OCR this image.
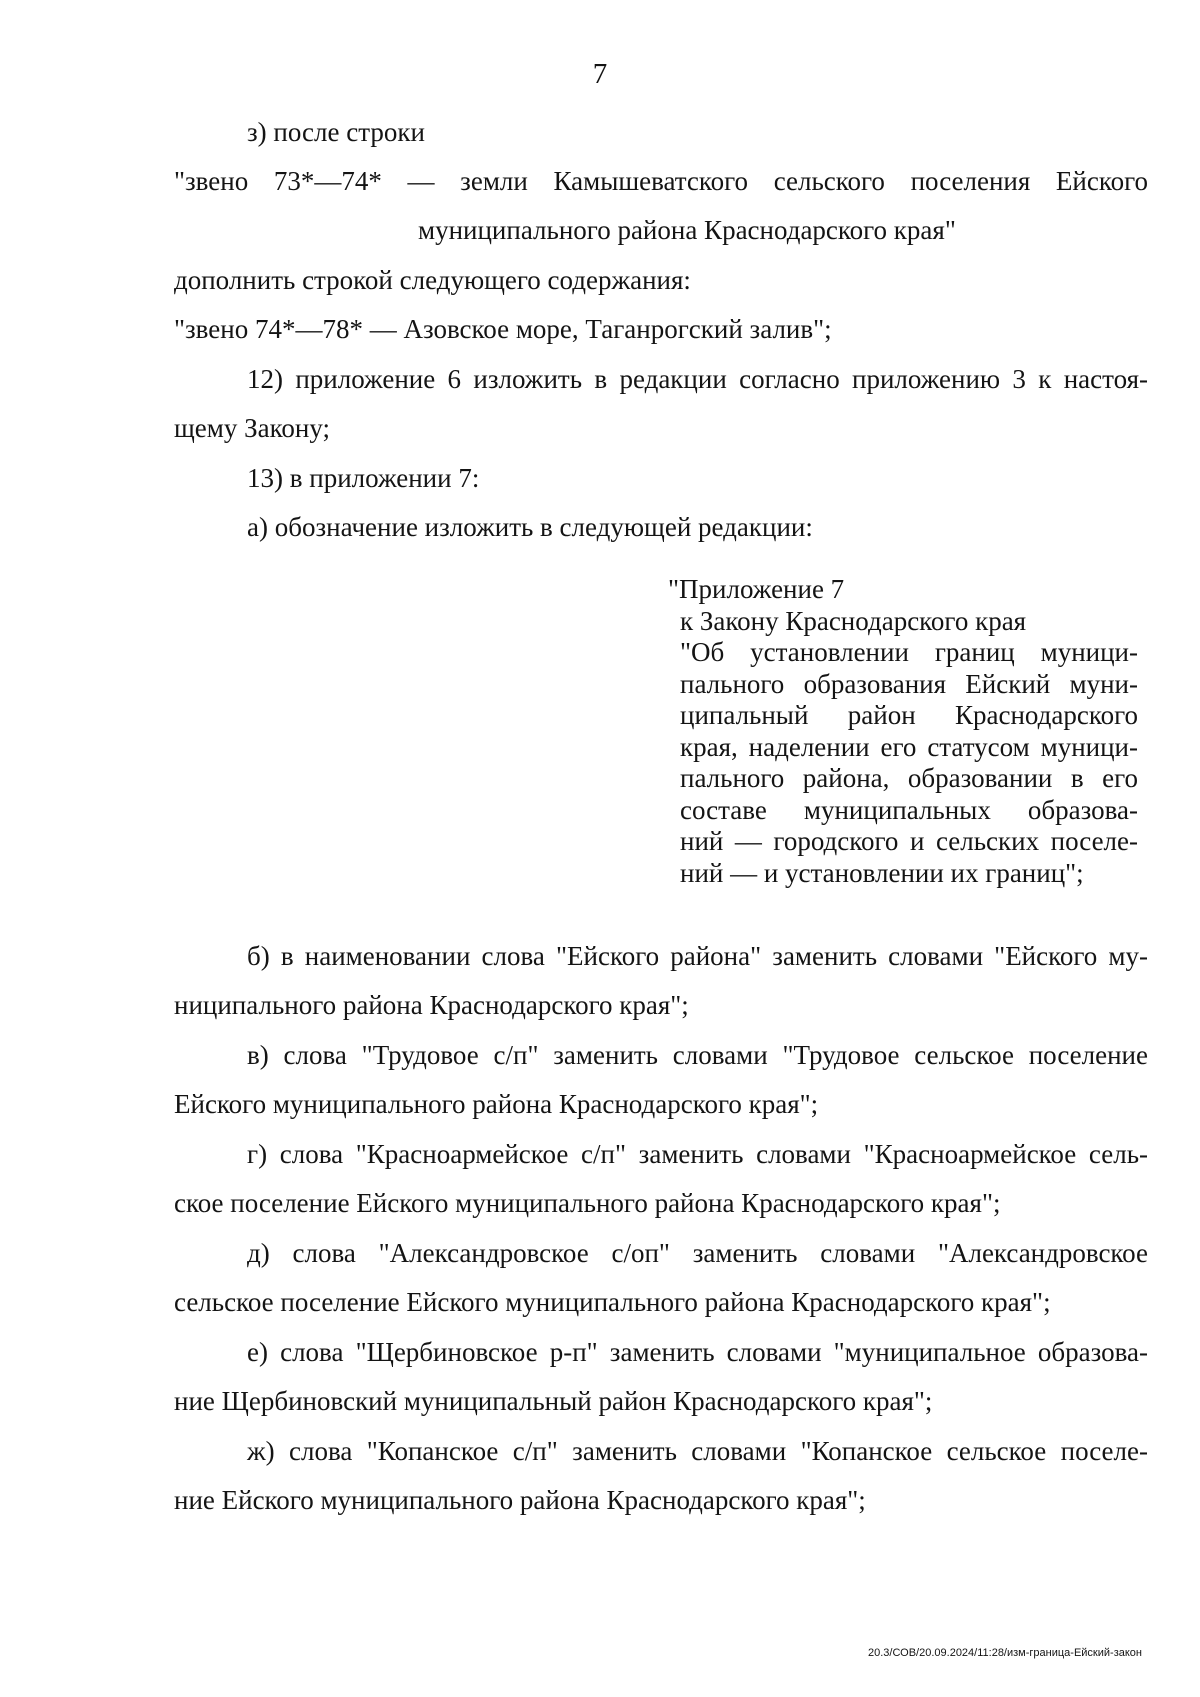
7
з) после строки
"звено 73*—74* — земли Камышеватского сельского поселения Ейского
муниципального района Краснодарского края"
дополнить строкой следующего содержания:
"звено 74*—78* — Азовское море, Таганрогский залив";
12) приложение 6 изложить в редакции согласно приложению 3 к настоя-
щему Закону;
13) в приложении 7:
а) обозначение изложить в следующей редакции:
"Приложение 7
к Закону Краснодарского края
"Об установлении границ муници-
пального образования Ейский муни-
ципальный район Краснодарского
края, наделении его статусом муници-
пального района, образовании в его
составе муниципальных образова-
ний — городского и сельских поселе-
ний — и установлении их границ";
б) в наименовании слова "Ейского района" заменить словами "Ейского му-
ниципального района Краснодарского края";
в) слова "Трудовое с/п" заменить словами "Трудовое сельское поселение
Ейского муниципального района Краснодарского края";
г) слова "Красноармейское с/п" заменить словами "Красноармейское сель-
ское поселение Ейского муниципального района Краснодарского края";
д) слова "Александровское с/оп" заменить словами "Александровское
сельское поселение Ейского муниципального района Краснодарского края";
е) слова "Щербиновское р-п" заменить словами "муниципальное образова-
ние Щербиновский муниципальный район Краснодарского края";
ж) слова "Копанское с/п" заменить словами "Копанское сельское поселе-
ние Ейского муниципального района Краснодарского края";
20.3/СОВ/20.09.2024/11:28/изм-граница-Ейский-закон
